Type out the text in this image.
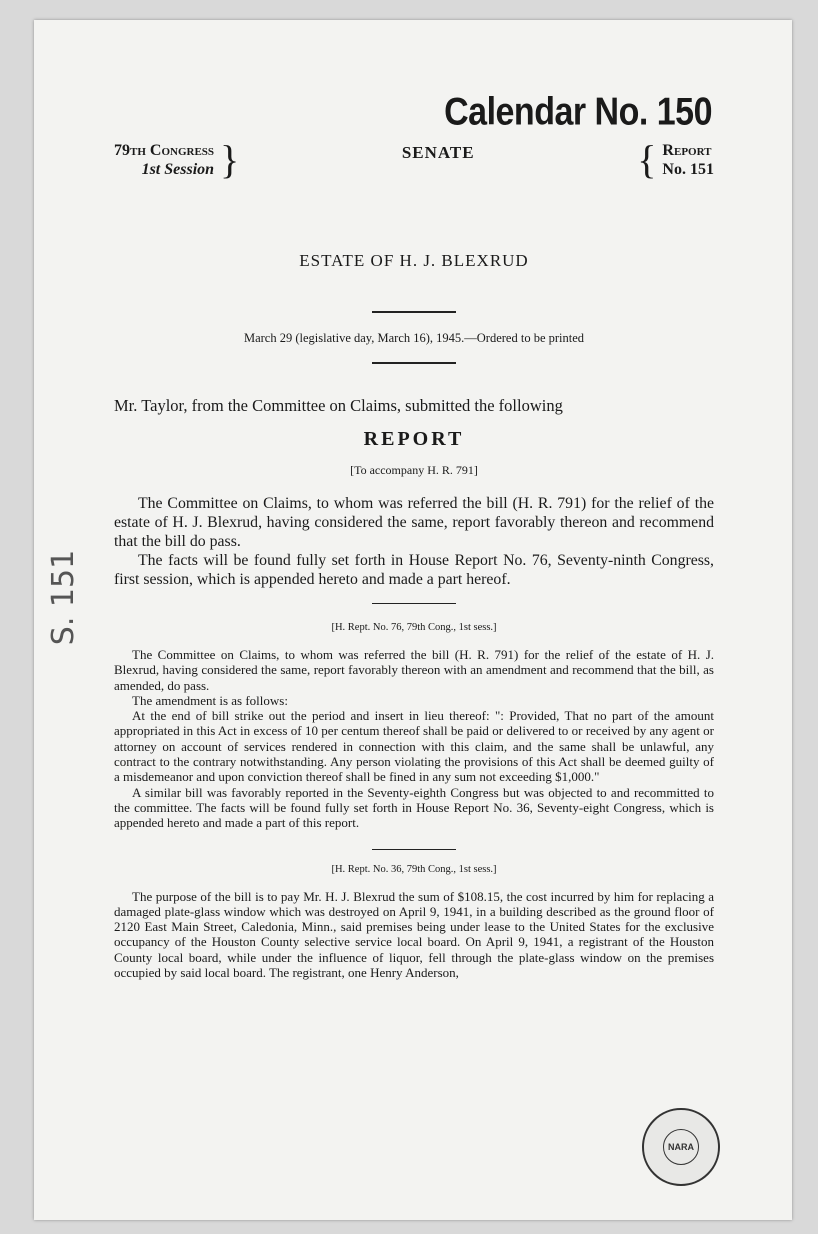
S. 151
Calendar No. 150
79th Congress
1st Session }	SENATE	{ Report
No. 151
ESTATE OF H. J. BLEXRUD
March 29 (legislative day, March 16), 1945.—Ordered to be printed
Mr. Taylor, from the Committee on Claims, submitted the following
REPORT
[To accompany H. R. 791]

The Committee on Claims, to whom was referred the bill (H. R. 791) for the relief of the estate of H. J. Blexrud, having considered the same, report favorably thereon and recommend that the bill do pass.

The facts will be found fully set forth in House Report No. 76, Seventy-ninth Congress, first session, which is appended hereto and made a part hereof.

[H. Rept. No. 76, 79th Cong., 1st sess.]

The Committee on Claims, to whom was referred the bill (H. R. 791) for the relief of the estate of H. J. Blexrud, having considered the same, report favorably thereon with an amendment and recommend that the bill, as amended, do pass.

The amendment is as follows:

At the end of bill strike out the period and insert in lieu thereof: ": Provided, That no part of the amount appropriated in this Act in excess of 10 per centum thereof shall be paid or delivered to or received by any agent or attorney on account of services rendered in connection with this claim, and the same shall be unlawful, any contract to the contrary notwithstanding. Any person violating the provisions of this Act shall be deemed guilty of a misdemeanor and upon conviction thereof shall be fined in any sum not exceeding $1,000."

A similar bill was favorably reported in the Seventy-eighth Congress but was objected to and recommitted to the committee. The facts will be found fully set forth in House Report No. 36, Seventy-eight Congress, which is appended hereto and made a part of this report.

[H. Rept. No. 36, 79th Cong., 1st sess.]

The purpose of the bill is to pay Mr. H. J. Blexrud the sum of $108.15, the cost incurred by him for replacing a damaged plate-glass window which was destroyed on April 9, 1941, in a building described as the ground floor of 2120 East Main Street, Caledonia, Minn., said premises being under lease to the United States for the exclusive occupancy of the Houston County selective service local board. On April 9, 1941, a registrant of the Houston County local board, while under the influence of liquor, fell through the plate-glass window on the premises occupied by said local board. The registrant, one Henry Anderson,

NARA
